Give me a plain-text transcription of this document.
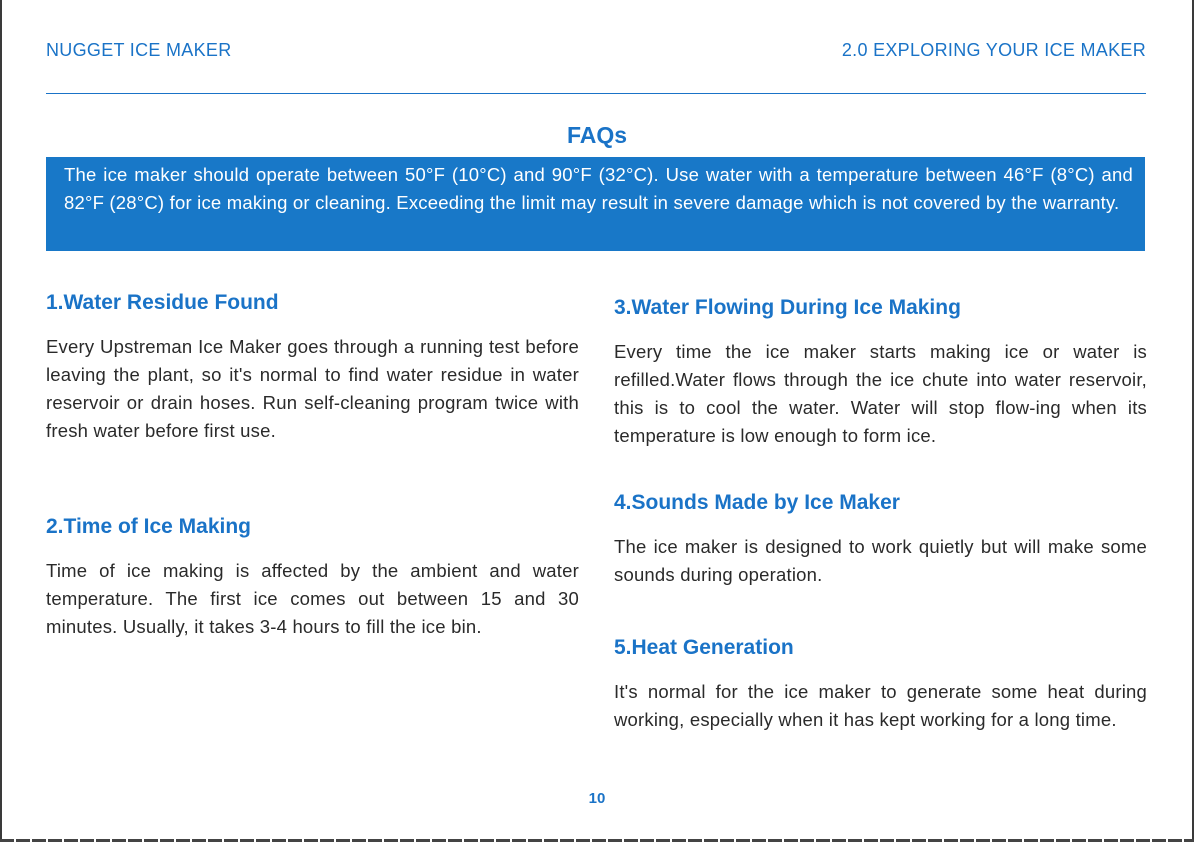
NUGGET ICE MAKER	2.0 EXPLORING YOUR ICE MAKER
FAQs

The ice maker should operate between 50°F (10°C) and 90°F (32°C). Use water with a temperature between 46°F (8°C) and 82°F (28°C) for ice making or cleaning. Exceeding the limit may result in severe damage which is not covered by the warranty.

1.Water Residue Found

Every Upstreman Ice Maker goes through a running test before leaving the plant, so it's normal to find water residue in water reservoir or drain hoses. Run self-cleaning program twice with fresh water before first use.

2.Time of Ice Making

Time of ice making is affected by the ambient and water temperature. The first ice comes out between 15 and 30 minutes. Usually, it takes 3-4 hours to fill the ice bin.

3.Water Flowing During Ice Making

Every time the ice maker starts making ice or water is refilled.Water flows through the ice chute into water reservoir, this is to cool the water. Water will stop flow-ing when its temperature is low enough to form ice.

4.Sounds Made by Ice Maker

The ice maker is designed to work quietly but will make some sounds during operation.

5.Heat Generation

It's normal for the ice maker to generate some heat during working, especially when it has kept working for a long time.

10
